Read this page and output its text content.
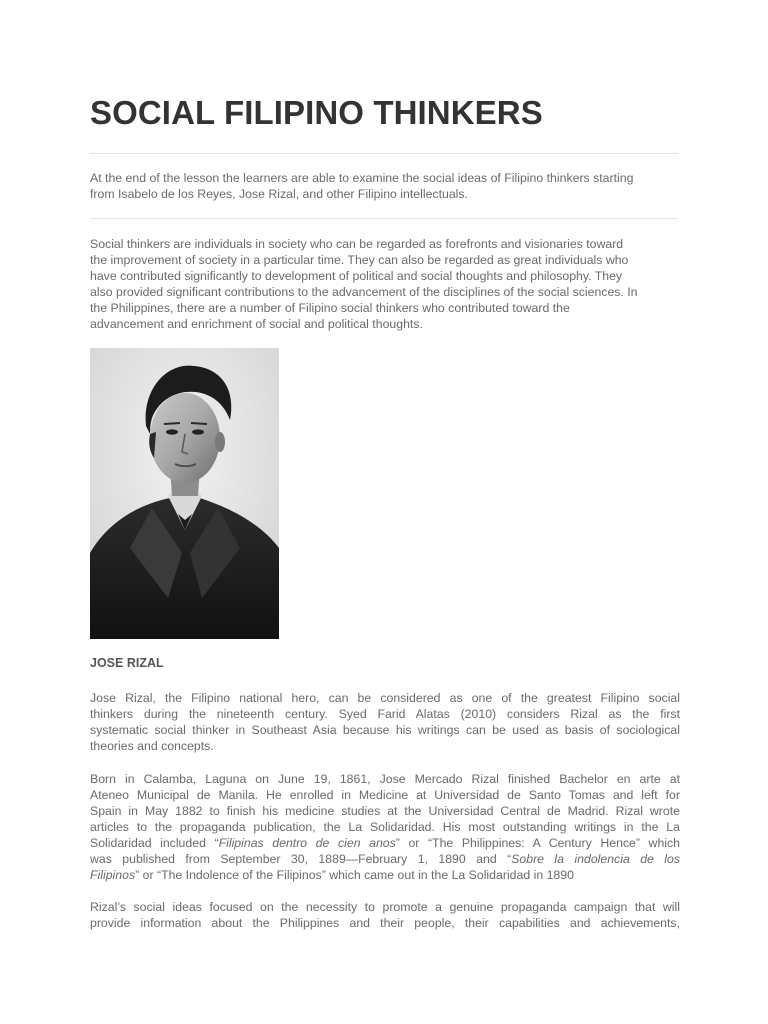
SOCIAL FILIPINO THINKERS

At the end of the lesson the learners are able to examine the social ideas of Filipino thinkers starting
from Isabelo de los Reyes, Jose Rizal, and other Filipino intellectuals.

Social thinkers are individuals in society who can be regarded as forefronts and visionaries toward
the improvement of society in a particular time. They can also be regarded as great individuals who
have contributed significantly to development of political and social thoughts and philosophy. They
also provided significant contributions to the advancement of the disciplines of the social sciences. In
the Philippines, there are a number of Filipino social thinkers who contributed toward the
advancement and enrichment of social and political thoughts.

JOSE RIZAL

Jose Rizal, the Filipino national hero, can be considered as one of the greatest Filipino social
thinkers during the nineteenth century. Syed Farid Alatas (2010) considers Rizal as the first
systematic social thinker in Southeast Asia because his writings can be used as basis of sociological
theories and concepts.

Born in Calamba, Laguna on June 19, 1861, Jose Mercado Rizal finished Bachelor en arte at
Ateneo Municipal de Manila. He enrolled in Medicine at Universidad de Santo Tomas and left for
Spain in May 1882 to finish his medicine studies at the Universidad Central de Madrid. Rizal wrote
articles to the propaganda publication, the La Solidaridad. His most outstanding writings in the La
Solidaridad included “Filipinas dentro de cien anos” or “The Philippines: A Century Hence” which
was published from September 30, 1889—February 1, 1890 and “Sobre la indolencia de los
Filipinos” or “The Indolence of the Filipinos” which came out in the La Solidaridad in 1890

Rizal’s social ideas focused on the necessity to promote a genuine propaganda campaign that will
provide information about the Philippines and their people, their capabilities and achievements,
